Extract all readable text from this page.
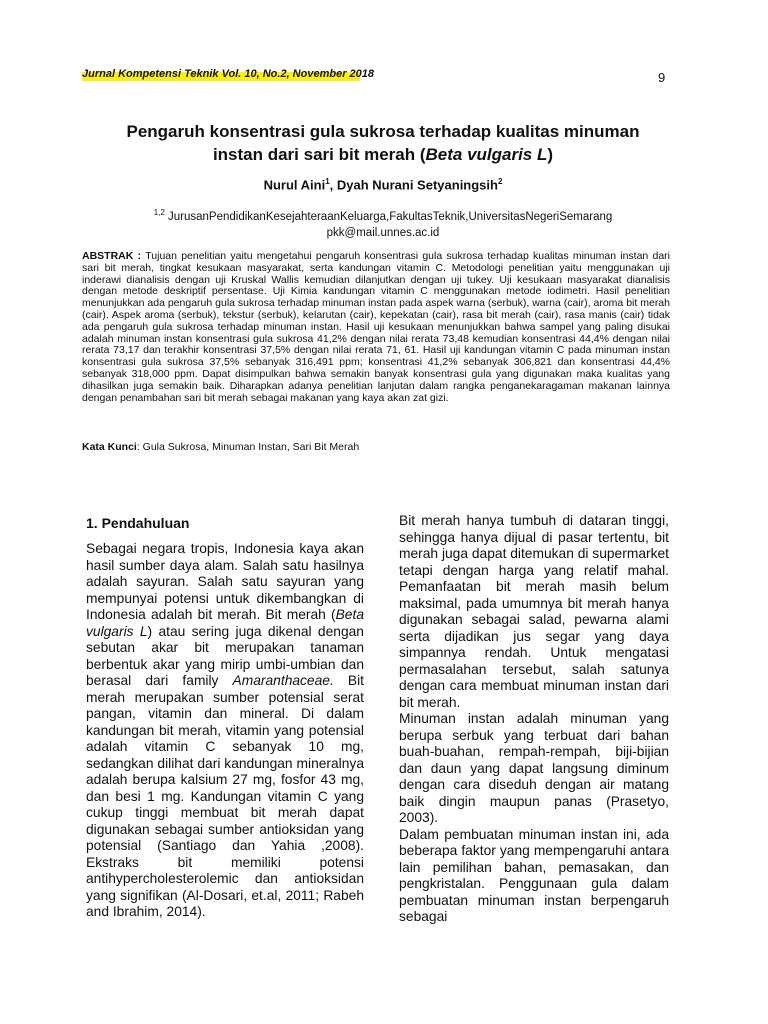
Jurnal Kompetensi Teknik Vol. 10, No.2, November 2018	9
Pengaruh konsentrasi gula sukrosa terhadap kualitas minuman
instan dari sari bit merah (Beta vulgaris L)
Nurul Aini$^1$, Dyah Nurani Setyaningsih$^2$
$^{1,2}$ JurusanPendidikanKesejahteraanKeluarga,FakultasTeknik,UniversitasNegeriSemarang
pkk@mail.unnes.ac.id
ABSTRAK : Tujuan penelitian yaitu mengetahui pengaruh konsentrasi gula sukrosa terhadap kualitas minuman instan dari sari bit merah, tingkat kesukaan masyarakat, serta kandungan vitamin C. Metodologi penelitian yaitu menggunakan uji inderawi dianalisis dengan uji Kruskal Wallis kemudian dilanjutkan dengan uji tukey. Uji kesukaan masyarakat dianalisis dengan metode deskriptif persentase. Uji Kimia kandungan vitamin C menggunakan metode iodimetri. Hasil penelitian menunjukkan ada pengaruh gula sukrosa terhadap minuman instan pada aspek warna (serbuk), warna (cair), aroma bit merah (cair). Aspek aroma (serbuk), tekstur (serbuk), kelarutan (cair), kepekatan (cair), rasa bit merah (cair), rasa manis (cair) tidak ada pengaruh gula sukrosa terhadap minuman instan. Hasil uji kesukaan menunjukkan bahwa sampel yang paling disukai adalah minuman instan konsentrasi gula sukrosa 41,2% dengan nilai rerata 73,48 kemudian konsentrasi 44,4% dengan nilai rerata 73,17 dan terakhir konsentrasi 37,5% dengan nilai rerata 71, 61. Hasil uji kandungan vitamin C pada minuman instan konsentrasi gula sukrosa 37,5% sebanyak 316,491 ppm; konsentrasi 41,2% sebanyak 306,821 dan konsentrasi 44,4% sebanyak 318,000 ppm. Dapat disimpulkan bahwa semakin banyak konsentrasi gula yang digunakan maka kualitas yang dihasilkan juga semakin baik. Diharapkan adanya penelitian lanjutan dalam rangka penganekaragaman makanan lainnya dengan penambahan sari bit merah sebagai makanan yang kaya akan zat gizi.
Kata Kunci: Gula Sukrosa, Minuman Instan, Sari Bit Merah
1. Pendahuluan

Sebagai negara tropis, Indonesia kaya akan hasil sumber daya alam. Salah satu hasilnya adalah sayuran. Salah satu sayuran yang mempunyai potensi untuk dikembangkan di Indonesia adalah bit merah. Bit merah (Beta vulgaris L) atau sering juga dikenal dengan sebutan akar bit merupakan tanaman berbentuk akar yang mirip umbi-umbian dan berasal dari family Amaranthaceae. Bit merah merupakan sumber potensial serat pangan, vitamin dan mineral. Di dalam kandungan bit merah, vitamin yang potensial adalah vitamin C sebanyak 10 mg, sedangkan dilihat dari kandungan mineralnya adalah berupa kalsium 27 mg, fosfor 43 mg, dan besi 1 mg. Kandungan vitamin C yang cukup tinggi membuat bit merah dapat digunakan sebagai sumber antioksidan yang potensial (Santiago dan Yahia ,2008). Ekstraks bit memiliki potensi antihypercholesterolemic dan antioksidan yang signifikan (Al-Dosari, et.al, 2011; Rabeh and Ibrahim, 2014).

Bit merah hanya tumbuh di dataran tinggi, sehingga hanya dijual di pasar tertentu, bit merah juga dapat ditemukan di supermarket tetapi dengan harga yang relatif mahal. Pemanfaatan bit merah masih belum maksimal, pada umumnya bit merah hanya digunakan sebagai salad, pewarna alami serta dijadikan jus segar yang daya simpannya rendah. Untuk mengatasi permasalahan tersebut, salah satunya dengan cara membuat minuman instan dari bit merah.

Minuman instan adalah minuman yang berupa serbuk yang terbuat dari bahan buah-buahan, rempah-rempah, biji-bijian dan daun yang dapat langsung diminum dengan cara diseduh dengan air matang baik dingin maupun panas (Prasetyo, 2003).

Dalam pembuatan minuman instan ini, ada beberapa faktor yang mempengaruhi antara lain pemilihan bahan, pemasakan, dan pengkristalan. Penggunaan gula dalam pembuatan minuman instan berpengaruh sebagai
